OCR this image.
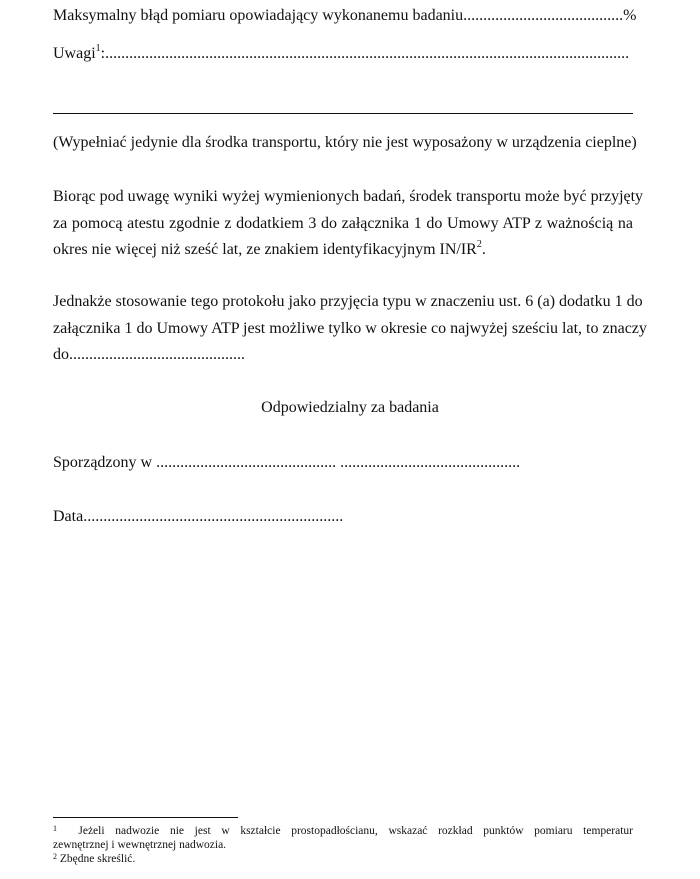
Maksymalny błąd pomiaru opowiadający wykonanemu badaniu........................................%
Uwagi$^1$:...................................................................................................................................
(Wypełniać jedynie dla środka transportu, który nie jest wyposażony w urządzenia cieplne)
Biorąc pod uwagę wyniki wyżej wymienionych badań, środek transportu może być przyjęty
za pomocą atestu zgodnie z dodatkiem 3 do załącznika 1 do Umowy ATP z ważnością na
okres nie więcej niż sześć lat, ze znakiem identyfikacyjnym $IN/IR^2$.
Jednakże stosowanie tego protokołu jako przyjęcia typu w znaczeniu ust. 6 (a) dodatku 1 do
załącznika 1 do Umowy ATP jest możliwe tylko w okresie co najwyżej sześciu lat, to znaczy
do............................................
Odpowiedzialny za badania
Sporządzony w ............................................. .............................................
Data.................................................................
$^1$ Jeżeli nadwozie nie jest w kształcie prostopadłościanu, wskazać rozkład punktów pomiaru temperatur
zewnętrznej i wewnętrznej nadwozia.
$^2$ Zbędne skreślić.
